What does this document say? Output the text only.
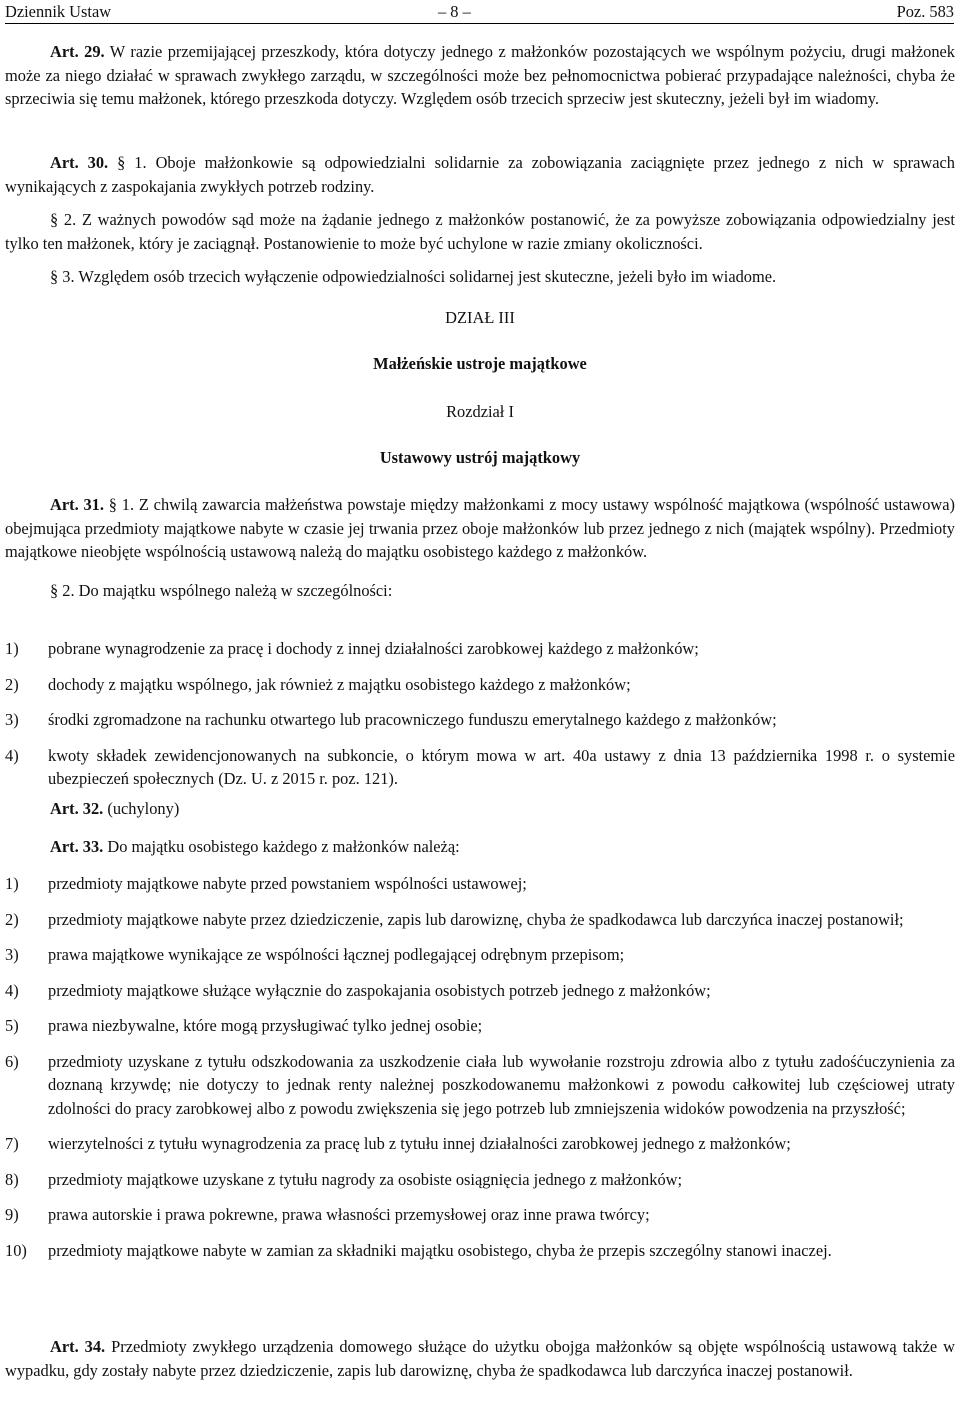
Dziennik Ustaw	– 8 –	Poz. 583

Art. 29. W razie przemijającej przeszkody, która dotyczy jednego z małżonków pozostających we wspólnym pożyciu, drugi małżonek może za niego działać w sprawach zwykłego zarządu, w szczególności może bez pełnomocnictwa pobierać przypadające należności, chyba że sprzeciwia się temu małżonek, którego przeszkoda dotyczy. Względem osób trzecich sprzeciw jest skuteczny, jeżeli był im wiadomy.

Art. 30. § 1. Oboje małżonkowie są odpowiedzialni solidarnie za zobowiązania zaciągnięte przez jednego z nich w sprawach wynikających z zaspokajania zwykłych potrzeb rodziny.

§ 2. Z ważnych powodów sąd może na żądanie jednego z małżonków postanowić, że za powyższe zobowiązania odpowiedzialny jest tylko ten małżonek, który je zaciągnął. Postanowienie to może być uchylone w razie zmiany okoliczności.

§ 3. Względem osób trzecich wyłączenie odpowiedzialności solidarnej jest skuteczne, jeżeli było im wiadome.

DZIAŁ III
Małżeńskie ustroje majątkowe
Rozdział I
Ustawowy ustrój majątkowy

Art. 31. § 1. Z chwilą zawarcia małżeństwa powstaje między małżonkami z mocy ustawy wspólność majątkowa (wspólność ustawowa) obejmująca przedmioty majątkowe nabyte w czasie jej trwania przez oboje małżonków lub przez jednego z nich (majątek wspólny). Przedmioty majątkowe nieobjęte wspólnością ustawową należą do majątku osobistego każdego z małżonków.

§ 2. Do majątku wspólnego należą w szczególności:

1) pobrane wynagrodzenie za pracę i dochody z innej działalności zarobkowej każdego z małżonków;
2) dochody z majątku wspólnego, jak również z majątku osobistego każdego z małżonków;
3) środki zgromadzone na rachunku otwartego lub pracowniczego funduszu emerytalnego każdego z małżonków;
4) kwoty składek zewidencjonowanych na subkoncie, o którym mowa w art. 40a ustawy z dnia 13 października 1998 r. o systemie ubezpieczeń społecznych (Dz. U. z 2015 r. poz. 121).

Art. 32. (uchylony)

Art. 33. Do majątku osobistego każdego z małżonków należą:

1) przedmioty majątkowe nabyte przed powstaniem wspólności ustawowej;
2) przedmioty majątkowe nabyte przez dziedziczenie, zapis lub darowiznę, chyba że spadkodawca lub darczyńca inaczej postanowił;
3) prawa majątkowe wynikające ze wspólności łącznej podlegającej odrębnym przepisom;
4) przedmioty majątkowe służące wyłącznie do zaspokajania osobistych potrzeb jednego z małżonków;
5) prawa niezbywalne, które mogą przysługiwać tylko jednej osobie;
6) przedmioty uzyskane z tytułu odszkodowania za uszkodzenie ciała lub wywołanie rozstroju zdrowia albo z tytułu zadośćuczynienia za doznaną krzywdę; nie dotyczy to jednak renty należnej poszkodowanemu małżonkowi z powodu całkowitej lub częściowej utraty zdolności do pracy zarobkowej albo z powodu zwiększenia się jego potrzeb lub zmniejszenia widoków powodzenia na przyszłość;
7) wierzytelności z tytułu wynagrodzenia za pracę lub z tytułu innej działalności zarobkowej jednego z małżonków;
8) przedmioty majątkowe uzyskane z tytułu nagrody za osobiste osiągnięcia jednego z małżonków;
9) prawa autorskie i prawa pokrewne, prawa własności przemysłowej oraz inne prawa twórcy;
10) przedmioty majątkowe nabyte w zamian za składniki majątku osobistego, chyba że przepis szczególny stanowi inaczej.

Art. 34. Przedmioty zwykłego urządzenia domowego służące do użytku obojga małżonków są objęte wspólnością ustawową także w wypadku, gdy zostały nabyte przez dziedziczenie, zapis lub darowiznę, chyba że spadkodawca lub darczyńca inaczej postanowił.
